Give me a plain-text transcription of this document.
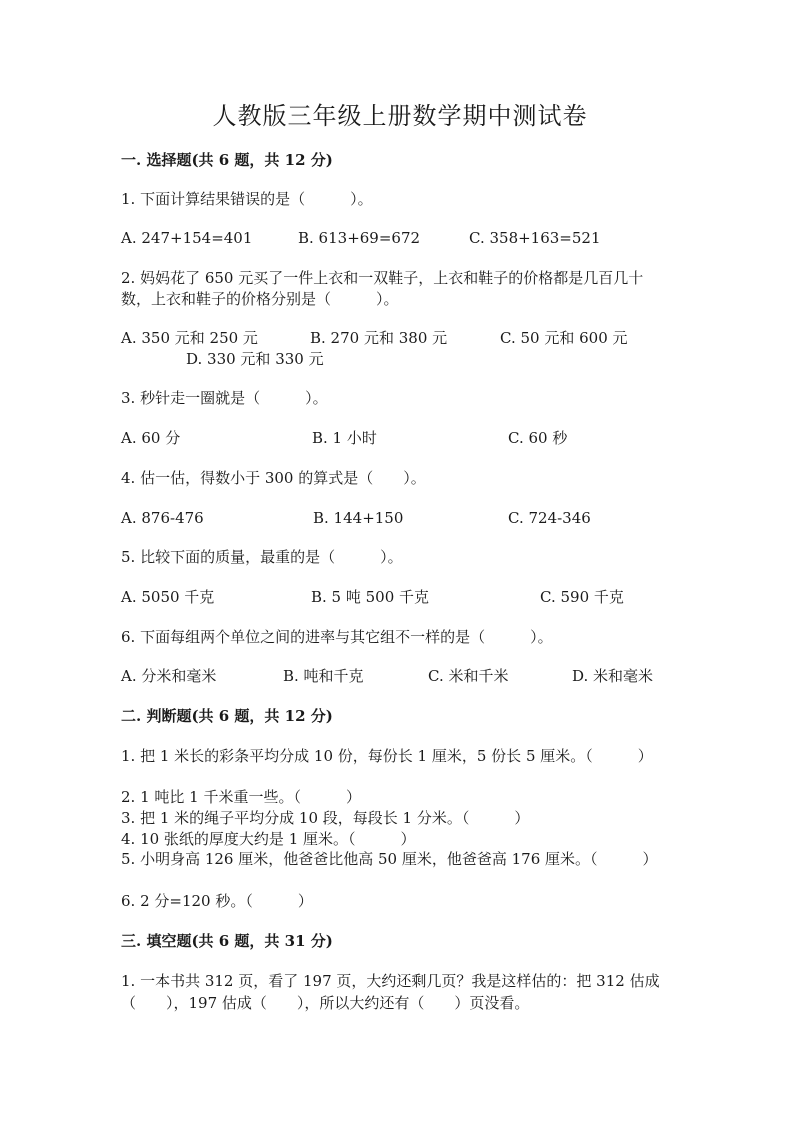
人教版三年级上册数学期中测试卷
一. 选择题(共 6 题，共 12 分)
1. 下面计算结果错误的是（　　　）。
A. 247+154=401	B. 613+69=672	C. 358+163=521
2. 妈妈花了 650 元买了一件上衣和一双鞋子，上衣和鞋子的价格都是几百几十
数，上衣和鞋子的价格分别是（　　　）。
A. 350 元和 250 元	B. 270 元和 380 元	C. 50 元和 600 元
D. 330 元和 330 元
3. 秒针走一圈就是（　　　）。
A. 60 分	B. 1 小时	C. 60 秒
4. 估一估，得数小于 300 的算式是（　　）。
A. 876-476	B. 144+150	C. 724-346
5. 比较下面的质量，最重的是（　　　）。
A. 5050 千克	B. 5 吨 500 千克	C. 590 千克
6. 下面每组两个单位之间的进率与其它组不一样的是（　　　）。
A. 分米和毫米	B. 吨和千克	C. 米和千米	D. 米和毫米
二. 判断题(共 6 题，共 12 分)
1. 把 1 米长的彩条平均分成 10 份，每份长 1 厘米，5 份长 5 厘米。（　　　）
2. 1 吨比 1 千米重一些。（　　　）
3. 把 1 米的绳子平均分成 10 段，每段长 1 分米。（　　　）
4. 10 张纸的厚度大约是 1 厘米。（　　　）
5. 小明身高 126 厘米，他爸爸比他高 50 厘米，他爸爸高 176 厘米。（　　　）
6. 2 分=120 秒。（　　　）
三. 填空题(共 6 题，共 31 分)
1. 一本书共 312 页，看了 197 页，大约还剩几页？我是这样估的：把 312 估成
（　　），197 估成（　　），所以大约还有（　　）页没看。
